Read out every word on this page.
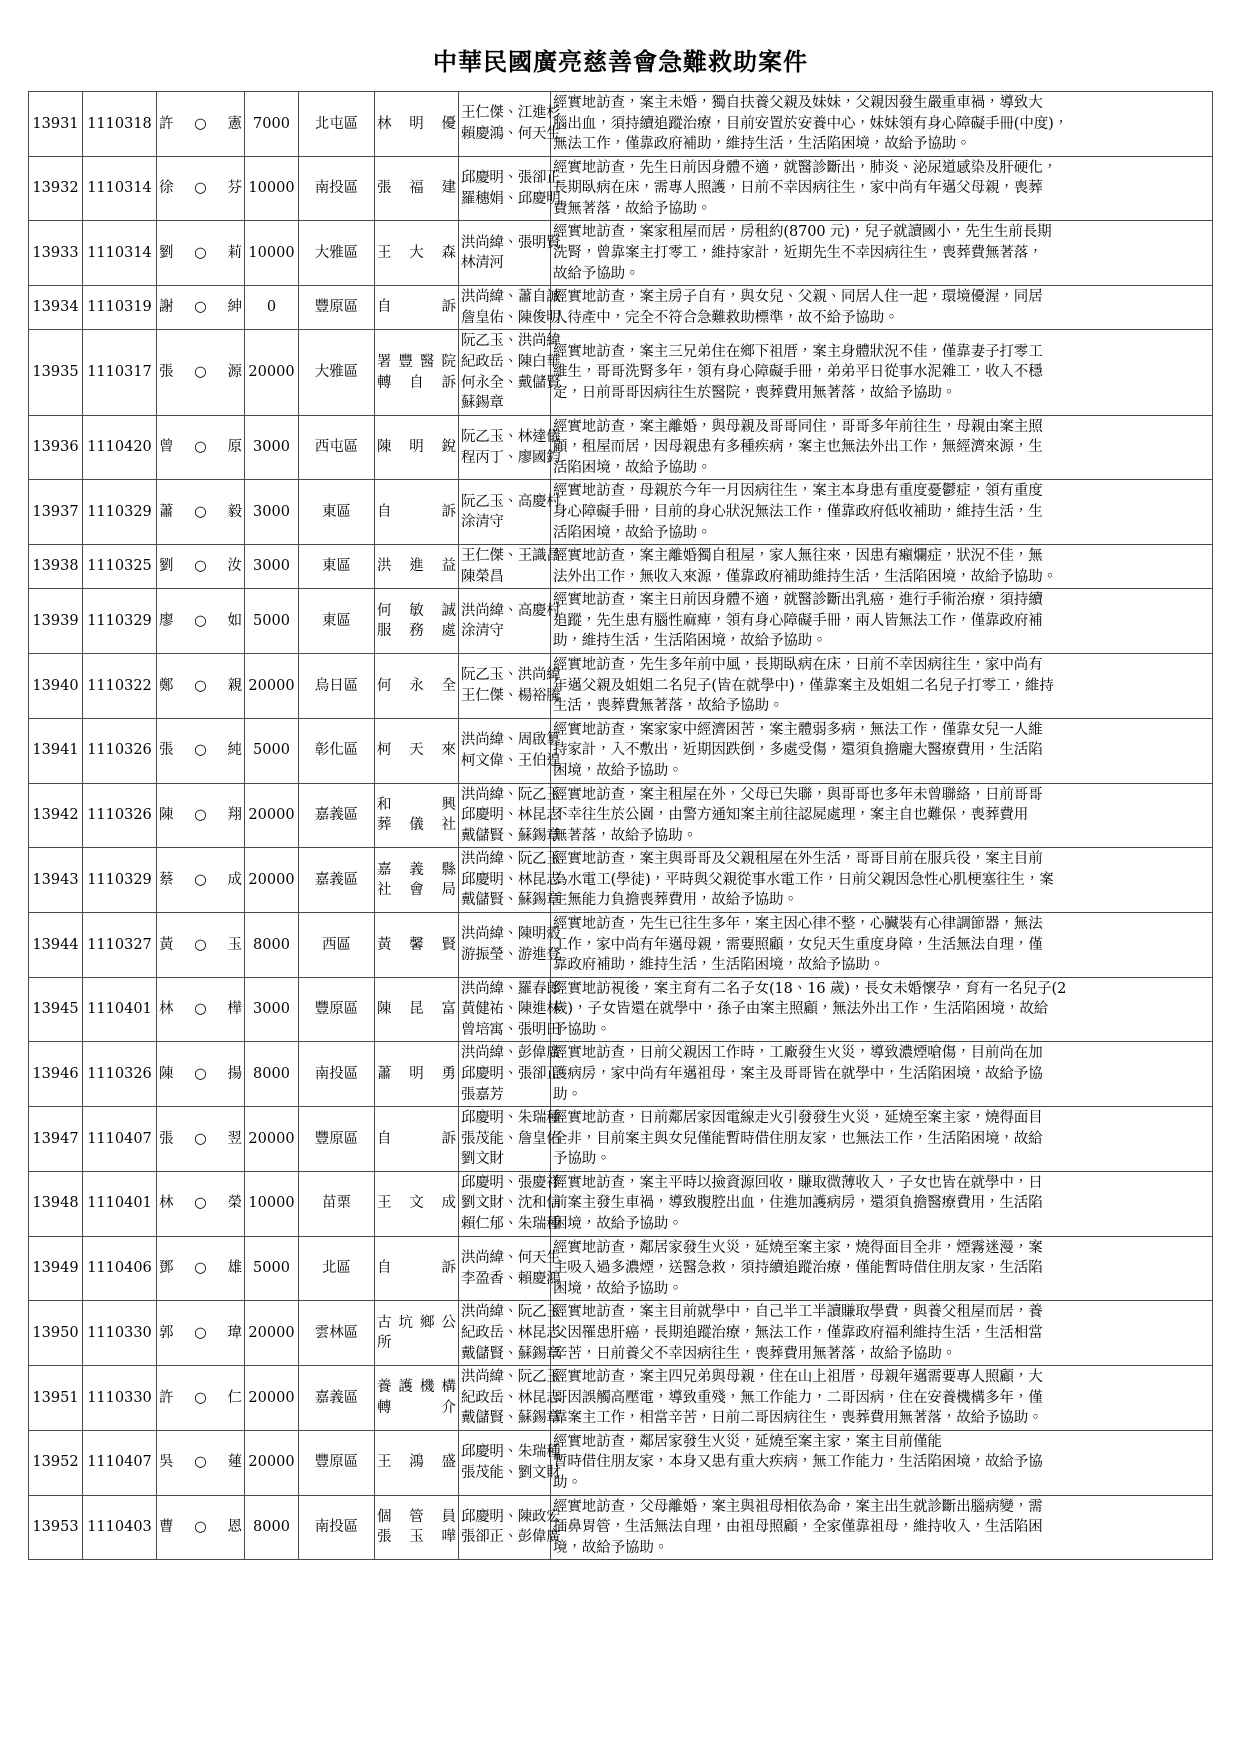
中華民國廣亮慈善會急難救助案件
13931	1110318	許 ○ 憲	7000	北屯區	林 明 優	王仁傑、江進杉
賴慶鴻、何天生	經實地訪查，案主未婚，獨自扶養父親及妹妹，父親因發生嚴重車禍，導致大
腦出血，須持續追蹤治療，目前安置於安養中心，妹妹領有身心障礙手冊(中度)，
無法工作，僅靠政府補助，維持生活，生活陷困境，故給予協助。

13932	1110314	徐 ○ 芬	10000	南投區	張 福 建	邱慶明、張卻正
羅穗娟、邱慶明	經實地訪查，先生日前因身體不適，就醫診斷出，肺炎、泌尿道感染及肝硬化，
長期臥病在床，需專人照護，日前不幸因病往生，家中尚有年邁父母親，喪葬
費無著落，故給予協助。

13933	1110314	劉 ○ 莉	10000	大雅區	王 大 森	洪尚緯、張明賢
林清河	經實地訪查，案家租屋而居，房租約(8700 元)，兒子就讀國小，先生生前長期
洗腎，曾靠案主打零工，維持家計，近期先生不幸因病往生，喪葬費無著落，
故給予協助。

13934	1110319	謝 ○ 紳	0	豐原區	自 訴	洪尚緯、蕭自誠
詹皇佑、陳俊明	經實地訪查，案主房子自有，與女兒、父親、同居人住一起，環境優渥，同居
人待產中，完全不符合急難救助標準，故不給予協助。

13935	1110317	張 ○ 源	20000	大雅區	署豐醫院
轉 自 訴	阮乙玉、洪尚緯
紀政岳、陳白華
何永全、戴儲賢
蘇錫章	經實地訪查，案主三兄弟住在鄉下祖厝，案主身體狀況不佳，僅靠妻子打零工
維生，哥哥洗腎多年，領有身心障礙手冊，弟弟平日從事水泥雜工，收入不穩
定，日前哥哥因病往生於醫院，喪葬費用無著落，故給予協助。

13936	1110420	曾 ○ 原	3000	西屯區	陳 明 銳	阮乙玉、林達儀
程丙丁、廖國鈞	經實地訪查，案主離婚，與母親及哥哥同住，哥哥多年前往生，母親由案主照
顧，租屋而居，因母親患有多種疾病，案主也無法外出工作，無經濟來源，生
活陷困境，故給予協助。

13937	1110329	蕭 ○ 毅	3000	東區	自 訴	阮乙玉、高慶村
涂清守	經實地訪查，母親於今年一月因病往生，案主本身患有重度憂鬱症，領有重度
身心障礙手冊，目前的身心狀況無法工作，僅靠政府低收補助，維持生活，生
活陷困境，故給予協助。

13938	1110325	劉 ○ 汝	3000	東區	洪 進 益	王仁傑、王識昌
陳榮昌	經實地訪查，案主離婚獨自租屋，家人無往來，因患有癩爛症，狀況不佳，無
法外出工作，無收入來源，僅靠政府補助維持生活，生活陷困境，故給予協助。

13939	1110329	廖 ○ 如	5000	東區	何 敏 誠
服 務 處	洪尚緯、高慶村
涂清守	經實地訪查，案主日前因身體不適，就醫診斷出乳癌，進行手術治療，須持續
追蹤，先生患有腦性麻痺，領有身心障礙手冊，兩人皆無法工作，僅靠政府補
助，維持生活，生活陷困境，故給予協助。

13940	1110322	鄭 ○ 親	20000	烏日區	何 永 全	阮乙玉、洪尚緯
王仁傑、楊裕騰	經實地訪查，先生多年前中風，長期臥病在床，日前不幸因病往生，家中尚有
年邁父親及姐姐二名兒子(皆在就學中)，僅靠案主及姐姐二名兒子打零工，維持
生活，喪葬費無著落，故給予協助。

13941	1110326	張 ○ 純	5000	彰化區	柯 天 來	洪尚緯、周啟篡
柯文偉、王伯遑	經實地訪查，案家家中經濟困苦，案主體弱多病，無法工作，僅靠女兒一人維
持家計，入不敷出，近期因跌倒，多處受傷，還須負擔龐大醫療費用，生活陷
困境，故給予協助。

13942	1110326	陳 ○ 翔	20000	嘉義區	和 興
葬 儀 社	洪尚緯、阮乙玉
邱慶明、林昆志
戴儲賢、蘇錫章	經實地訪查，案主租屋在外，父母已失聯，與哥哥也多年未曾聯絡，日前哥哥
不幸往生於公園，由警方通知案主前往認屍處理，案主自也難保，喪葬費用
無著落，故給予協助。

13943	1110329	蔡 ○ 成	20000	嘉義區	嘉 義 縣
社 會 局	洪尚緯、阮乙玉
邱慶明、林昆志
戴儲賢、蘇錫章	經實地訪查，案主與哥哥及父親租屋在外生活，哥哥目前在服兵役，案主目前
為水電工(學徒)，平時與父親從事水電工作，日前父親因急性心肌梗塞往生，案
主無能力負擔喪葬費用，故給予協助。

13944	1110327	黃 ○ 玉	8000	西區	黃 馨 賢	洪尚緯、陳明殼
游振瑩、游進登	經實地訪查，先生已往生多年，案主因心律不整，心臟裝有心律調節器，無法
工作，家中尚有年邁母親，需要照顧，女兒天生重度身障，生活無法自理，僅
靠政府補助，維持生活，生活陷困境，故給予協助。

13945	1110401	林 ○ 樺	3000	豐原區	陳 昆 富	洪尚緯、羅春郎
黃健祐、陳進林
曾培寓、張明田	經實地訪視後，案主育有二名子女(18、16 歲)，長女未婚懷孕，育有一名兒子(2
歲)，子女皆還在就學中，孫子由案主照顧，無法外出工作，生活陷困境，故給
予協助。

13946	1110326	陳 ○ 揚	8000	南投區	蕭 明 勇	洪尚緯、彭偉廣
邱慶明、張卻正
張嘉芳	經實地訪查，日前父親因工作時，工廠發生火災，導致濃煙嗆傷，目前尚在加
護病房，家中尚有年邁祖母，案主及哥哥皆在就學中，生活陷困境，故給予協
助。

13947	1110407	張 ○ 翌	20000	豐原區	自 訴	邱慶明、朱瑞種
張茂能、詹皇佑
劉文財	經實地訪查，日前鄰居家因電線走火引發發生火災，延燒至案主家，燒得面目
全非，目前案主與女兒僅能暫時借住朋友家，也無法工作，生活陷困境，故給
予協助。

13948	1110401	林 ○ 榮	10000	苗栗	王 文 成	邱慶明、張慶祥
劉文財、沈和信
賴仁郁、朱瑞種	經實地訪查，案主平時以撿資源回收，賺取微薄收入，子女也皆在就學中，日
前案主發生車禍，導致腹腔出血，住進加護病房，還須負擔醫療費用，生活陷
困境，故給予協助。

13949	1110406	鄧 ○ 雄	5000	北區	自 訴	洪尚緯、何天生
李盈香、賴慶鴻	經實地訪查，鄰居家發生火災，延燒至案主家，燒得面目全非，煙霧迷漫，案
主吸入過多濃煙，送醫急救，須持續追蹤治療，僅能暫時借住朋友家，生活陷
困境，故給予協助。

13950	1110330	郭 ○ 瑋	20000	雲林區	古坑鄉公
所	洪尚緯、阮乙玉
紀政岳、林昆志
戴儲賢、蘇錫章	經實地訪查，案主目前就學中，自己半工半讀賺取學費，與養父租屋而居，養
父因罹患肝癌，長期追蹤治療，無法工作，僅靠政府福利維持生活，生活相當
辛苦，日前養父不幸因病往生，喪葬費用無著落，故給予協助。

13951	1110330	許 ○ 仁	20000	嘉義區	養 護 機 構
轉 介	洪尚緯、阮乙玉
紀政岳、林昆志
戴儲賢、蘇錫章	經實地訪查，案主四兄弟與母親，住在山上祖厝，母親年邁需要專人照顧，大
哥因誤觸高壓電，導致重殘，無工作能力，二哥因病，住在安養機構多年，僅
靠案主工作，相當辛苦，日前二哥因病往生，喪葬費用無著落，故給予協助。

13952	1110407	吳 ○ 蓮	20000	豐原區	王 鴻 盛	邱慶明、朱瑞種
張茂能、劉文財	經實地訪查，鄰居家發生火災，延燒至案主家，案主目前僅能
暫時借住朋友家，本身又患有重大疾病，無工作能力，生活陷困境，故給予協
助。

13953	1110403	曹 ○ 恩	8000	南投區	個 管 員
張 玉 嘩	邱慶明、陳政宏
張卻正、彭偉廣	經實地訪查，父母離婚，案主與祖母相依為命，案主出生就診斷出腦病變，需
插鼻胃管，生活無法自理，由祖母照顧，全家僅靠祖母，維持收入，生活陷困
境，故給予協助。
